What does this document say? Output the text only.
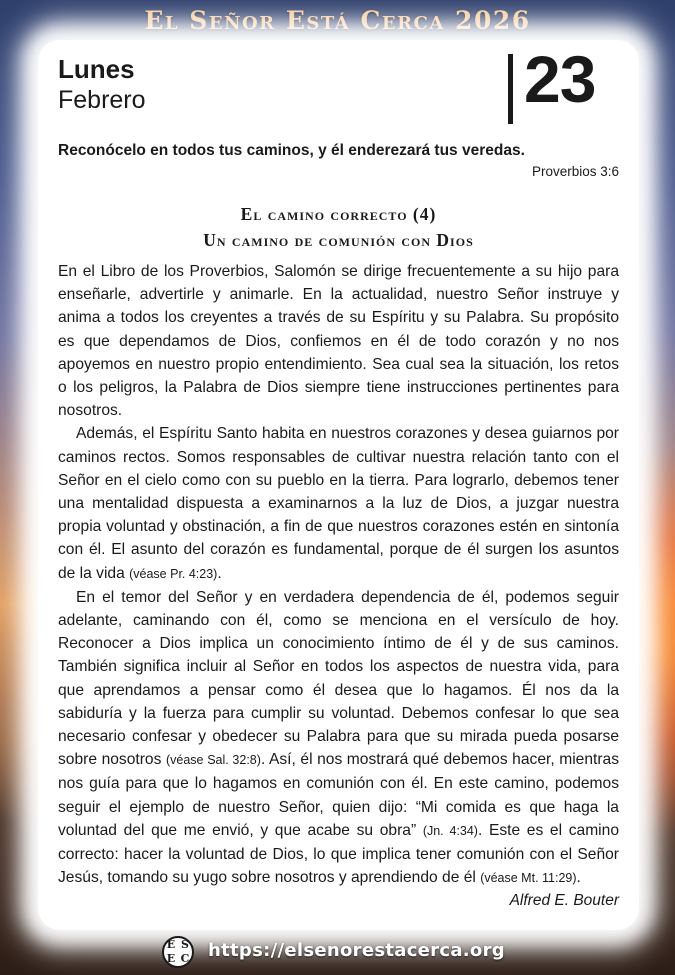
El Señor Está Cerca 2026
Lunes
Febrero	23
Reconócelo en todos tus caminos, y él enderezará tus veredas.
Proverbios 3:6
El camino correcto (4)
Un camino de comunión con Dios

En el Libro de los Proverbios, Salomón se dirige frecuentemente a su hijo para enseñarle, advertirle y animarle. En la actualidad, nuestro Señor instruye y anima a todos los creyentes a través de su Espíritu y su Palabra. Su propósito es que dependamos de Dios, confiemos en él de todo corazón y no nos apoyemos en nuestro propio entendimiento. Sea cual sea la situación, los retos o los peligros, la Palabra de Dios siempre tiene instrucciones pertinentes para nosotros.

Además, el Espíritu Santo habita en nuestros corazones y desea guiarnos por caminos rectos. Somos responsables de cultivar nuestra relación tanto con el Señor en el cielo como con su pueblo en la tierra. Para lograrlo, debemos tener una mentalidad dispuesta a examinarnos a la luz de Dios, a juzgar nuestra propia voluntad y obstinación, a fin de que nuestros corazones estén en sintonía con él. El asunto del corazón es fundamental, porque de él surgen los asuntos de la vida (véase Pr. 4:23).

En el temor del Señor y en verdadera dependencia de él, podemos seguir adelante, caminando con él, como se menciona en el versículo de hoy. Reconocer a Dios implica un conocimiento íntimo de él y de sus caminos. También significa incluir al Señor en todos los aspectos de nuestra vida, para que aprendamos a pensar como él desea que lo hagamos. Él nos da la sabiduría y la fuerza para cumplir su voluntad. Debemos confesar lo que sea necesario confesar y obedecer su Palabra para que su mirada pueda posarse sobre nosotros (véase Sal. 32:8). Así, él nos mostrará qué debemos hacer, mientras nos guía para que lo hagamos en comunión con él. En este camino, podemos seguir el ejemplo de nuestro Señor, quien dijo: “Mi comida es que haga la voluntad del que me envió, y que acabe su obra” (Jn. 4:34). Este es el camino correcto: hacer la voluntad de Dios, lo que implica tener comunión con el Señor Jesús, tomando su yugo sobre nosotros y aprendiendo de él (véase Mt. 11:29).

Alfred E. Bouter
E S
E C https://elsenorestacerca.org
